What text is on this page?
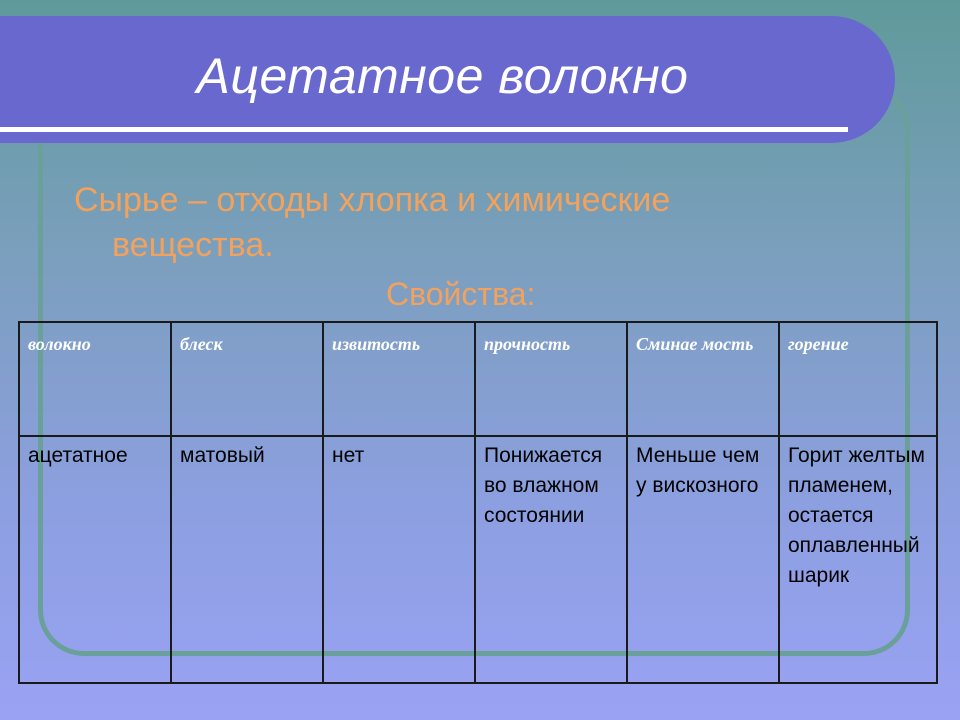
Ацетатное волокно
Сырье – отходы хлопка и химические
вещества.
Свойства:
волокно	блеск	извитость	прочность	Сминае мость	горение
ацетатное	матовый	нет	Понижается во влажном состоянии	Меньше чем у вискозного	Горит желтым пламенем, остается оплавленный шарик
